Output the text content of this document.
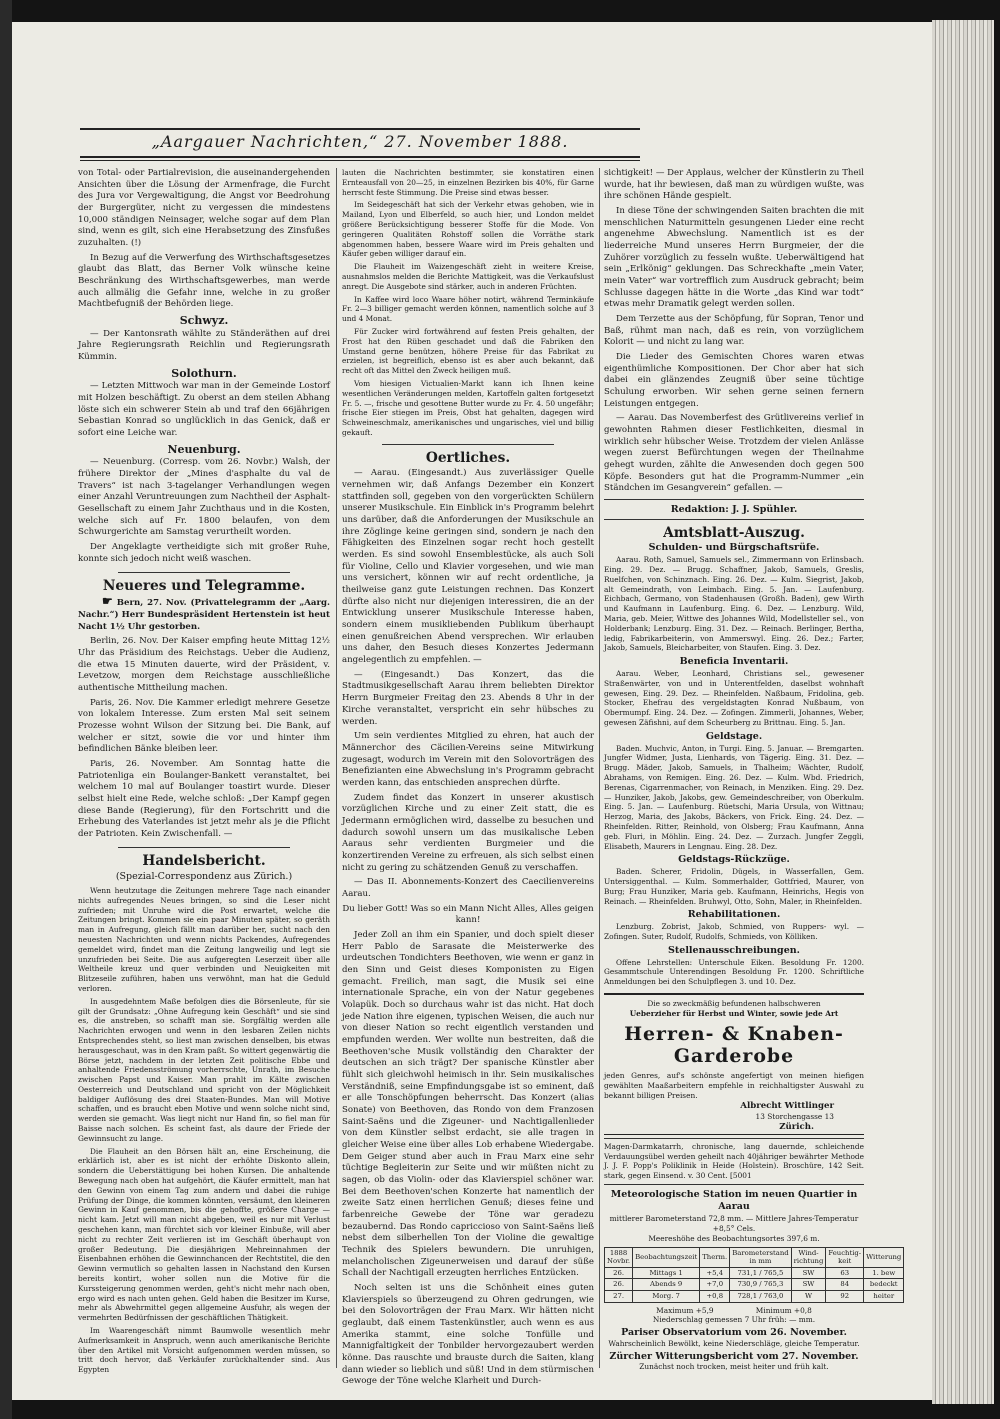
„Aargauer Nachrichten,“ 27. November 1888.

von Total- oder Partialrevision, die auseinandergehenden Ansichten über die Lösung der Armenfrage, die Furcht des Jura vor Vergewaltigung, die Angst vor Beedrohung der Burgergüter, nicht zu vergessen die mindestens 10,000 ständigen Neinsager, welche sogar auf dem Plan sind, wenn es gilt, sich eine Herabsetzung des Zinsfußes zuzuhalten. (!)

In Bezug auf die Verwerfung des Wirthschaftsgesetzes glaubt das Blatt, das Berner Volk wünsche keine Beschränkung des Wirthschaftsgewerbes, man werde auch allmälig die Gefahr inne, welche in zu großer Machtbefugniß der Behörden liege.

Schwyz.

— Der Kantonsrath wählte zu Ständeräthen auf drei Jahre Regierungsrath Reichlin und Regierungsrath Kümmin.

Solothurn.

— Letzten Mittwoch war man in der Gemeinde Lostorf mit Holzen beschäftigt. Zu oberst an dem steilen Abhang löste sich ein schwerer Stein ab und traf den 66jährigen Sebastian Konrad so unglücklich in das Genick, daß er sofort eine Leiche war.

Neuenburg.

— Neuenburg. (Corresp. vom 26. Novbr.) Walsh, der frühere Direktor der „Mines d'asphalte du val de Travers“ ist nach 3-tagelanger Verhandlungen wegen einer Anzahl Veruntreuungen zum Nachtheil der Asphalt-Gesellschaft zu einem Jahr Zuchthaus und in die Kosten, welche sich auf Fr. 1800 belaufen, von dem Schwurgerichte am Samstag verurtheilt worden.

Der Angeklagte vertheidigte sich mit großer Ruhe, konnte sich jedoch nicht weiß waschen.

Neueres und Telegramme.

☛ Bern, 27. Nov. (Privattelegramm der „Aarg. Nachr.“) Herr Bundespräsident Hertenstein ist heut Nacht 1½ Uhr gestorben.

Berlin, 26. Nov. Der Kaiser empfing heute Mittag 12½ Uhr das Präsidium des Reichstags. Ueber die Audienz, die etwa 15 Minuten dauerte, wird der Präsident, v. Levetzow, morgen dem Reichstage ausschließliche authentische Mittheilung machen.

Paris, 26. Nov. Die Kammer erledigt mehrere Gesetze von lokalem Interesse. Zum ersten Mal seit seinem Prozesse wohnt Wilson der Sitzung bei. Die Bank, auf welcher er sitzt, sowie die vor und hinter ihm befindlichen Bänke bleiben leer.

Paris, 26. November. Am Sonntag hatte die Patriotenliga ein Boulanger-Bankett veranstaltet, bei welchem 10 mal auf Boulanger toastirt wurde. Dieser selbst hielt eine Rede, welche schloß: „Der Kampf gegen diese Bande (Regierung), für den Fortschritt und die Erhebung des Vaterlandes ist jetzt mehr als je die Pflicht der Patrioten. Kein Zwischenfall. —

Handelsbericht.
(Spezial-Correspondenz aus Zürich.)

Wenn heutzutage die Zeitungen mehrere Tage nach einander nichts aufregendes Neues bringen, so sind die Leser nicht zufrieden; mit Unruhe wird die Post erwartet, welche die Zeitungen bringt. Kommen sie ein paar Minuten später, so geräth man in Aufregung, gleich fällt man darüber her, sucht nach den neuesten Nachrichten und wenn nichts Packendes, Aufregendes gemeldet wird, findet man die Zeitung langweilig und legt sie unzufrieden bei Seite. Die aus aufgeregten Leserzeit über alle Weltheile kreuz und quer verbinden und Neuigkeiten mit Blitzeseile zuführen, haben uns verwöhnt, man hat die Geduld verloren.

In ausgedehntem Maße befolgen dies die Börsenleute, für sie gilt der Grundsatz: „Ohne Aufregung kein Geschäft“ und sie sind es, die anstreben, so schafft man sie. Sorgfältig werden alle Nachrichten erwogen und wenn in den lesbaren Zeilen nichts Entsprechendes steht, so liest man zwischen denselben, bis etwas herausgeschaut, was in den Kram paßt. So wittert gegenwärtig die Börse jetzt, nachdem in der letzten Zeit politische Ebbe und anhaltende Friedensströmung vorherrschte, Unrath, im Besuche zwischen Papst und Kaiser. Man prahlt im Kälte zwischen Oesterreich und Deutschland und spricht von der Möglichkeit baldiger Auflösung des drei Staaten-Bundes. Man will Motive schaffen, und es braucht eben Motive und wenn solche nicht sind, werden sie gemacht. Was liegt nicht nur Hand fin, so fiel man für Baisse nach solchen. Es scheint fast, als daure der Friede der Gewinnsucht zu lange.

Die Flauheit an den Börsen hält an, eine Erscheinung, die erklärlich ist, aber es ist nicht der erhöhte Diskonto allein, sondern die Ueberstättigung bei hohen Kursen. Die anhaltende Bewegung nach oben hat aufgehört, die Käufer ermittelt, man hat den Gewinn von einem Tag zum andern und dabei die ruhige Prüfung der Dinge, die kommen könnten, versäumt, den kleineren Gewinn in Kauf genommen, bis die gehoffte, größere Charge — nicht kam. Jetzt will man nicht abgeben, weil es nur mit Verlust geschehen kann, man fürchtet sich vor kleiner Einbuße, will aber nicht zu rechter Zeit verlieren ist im Geschäft überhaupt von großer Bedeutung. Die diesjährigen Mehreinnahmen der Eisenbahnen erhöhen die Gewinnchancen der Rechtstitel, die den Gewinn vermutlich so gehalten lassen in Nachstand den Kursen bereits kontirt, woher sollen nun die Motive für die Kurssteigerung genommen werden, geht's nicht mehr nach oben, ergo wird es nach unten gehen. Geld haben die Besitzer im Kurse, mehr als Abwehrmittel gegen allgemeine Ausfuhr, als wegen der vermehrten Bedürfnissen der geschäftlichen Thätigkeit.

Im Waarengeschäft nimmt Baumwolle wesentlich mehr Aufmerksamkeit in Anspruch, wenn auch amerikanische Berichte über den Artikel mit Vorsicht aufgenommen werden müssen, so tritt doch hervor, daß Verkäufer zurückhaltender sind. Aus Egypten

lauten die Nachrichten bestimmter, sie konstatiren einen Ernteausfall von 20—25, in einzelnen Bezirken bis 40%, für Garne herrscht feste Stimmung. Die Preise sind etwas besser.

Im Seidegeschäft hat sich der Verkehr etwas gehoben, wie in Mailand, Lyon und Elberfeld, so auch hier, und London meldet größere Berücksichtigung besserer Stoffe für die Mode. Von geringeren Qualitäten Rohstoff sollen die Vorräthe stark abgenommen haben, bessere Waare wird im Preis gehalten und Käufer geben williger darauf ein.

Die Flauheit im Waizengeschäft zieht in weitere Kreise, ausnahmslos melden die Berichte Mattigkeit, was die Verkaufslust anregt. Die Ausgebote sind stärker, auch in anderen Früchten.

In Kaffee wird loco Waare höher notirt, während Terminkäufe Fr. 2—3 billiger gemacht werden können, namentlich solche auf 3 und 4 Monat.

Für Zucker wird fortwährend auf festen Preis gehalten, der Frost hat den Rüben geschadet und daß die Fabriken den Umstand gerne benützen, höhere Preise für das Fabrikat zu erzielen, ist begreiflich, ebenso ist es aber auch bekannt, daß recht oft das Mittel den Zweck heiligen muß.

Vom hiesigen Victualien-Markt kann ich Ihnen keine wesentlichen Veränderungen melden, Kartoffeln galten fortgesetzt Fr. 5. —, frische und gesottene Butter wurde zu Fr. 4. 50 ungefähr; frische Eier stiegen im Preis, Obst hat gehalten, dagegen wird Schweineschmalz, amerikanisches und ungarisches, viel und billig gekauft.

Oertliches.

— Aarau. (Eingesandt.) Aus zuverlässiger Quelle vernehmen wir, daß Anfangs Dezember ein Konzert stattfinden soll, gegeben von den vorgerückten Schülern unserer Musikschule. Ein Einblick in's Programm belehrt uns darüber, daß die Anforderungen der Musikschule an ihre Zöglinge keine geringen sind, sondern je nach den Fähigkeiten des Einzelnen sogar recht hoch gestellt werden. Es sind sowohl Ensemblestücke, als auch Soli für Violine, Cello und Klavier vorgesehen, und wie man uns versichert, können wir auf recht ordentliche, ja theilweise ganz gute Leistungen rechnen. Das Konzert dürfte also nicht nur diejenigen interessiren, die an der Entwicklung unserer Musikschule Interesse haben, sondern einem musikliebenden Publikum überhaupt einen genußreichen Abend versprechen. Wir erlauben uns daher, den Besuch dieses Konzertes Jedermann angelegentlich zu empfehlen. —

— (Eingesandt.) Das Konzert, das die Stadtmusikgesellschaft Aarau ihrem beliebten Direktor Herrn Burgmeier Freitag den 23. Abends 8 Uhr in der Kirche veranstaltet, verspricht ein sehr hübsches zu werden.

Um sein verdientes Mitglied zu ehren, hat auch der Männerchor des Cäcilien-Vereins seine Mitwirkung zugesagt, wodurch im Verein mit den Solovorträgen des Benefizianten eine Abwechslung in's Programm gebracht werden kann, das entschieden ansprechen dürfte.

Zudem findet das Konzert in unserer akustisch vorzüglichen Kirche und zu einer Zeit statt, die es Jedermann ermöglichen wird, dasselbe zu besuchen und dadurch sowohl unsern um das musikalische Leben Aaraus sehr verdienten Burgmeier und die konzertirenden Vereine zu erfreuen, als sich selbst einen nicht zu gering zu schätzenden Genuß zu verschaffen.

— Das II. Abonnements-Konzert des Caecilienvereins Aarau.

Du lieber Gott! Was so ein Mann Nicht Alles, Alles geigen kann!

Jeder Zoll an ihm ein Spanier, und doch spielt dieser Herr Pablo de Sarasate die Meisterwerke des urdeutschen Tondichters Beethoven, wie wenn er ganz in den Sinn und Geist dieses Komponisten zu Eigen gemacht. Freilich, man sagt, die Musik sei eine internationale Sprache, ein von der Natur gegebenes Volapük. Doch so durchaus wahr ist das nicht. Hat doch jede Nation ihre eigenen, typischen Weisen, die auch nur von dieser Nation so recht eigentlich verstanden und empfunden werden. Wer wollte nun bestreiten, daß die Beethoven'sche Musik vollständig den Charakter der deutschen an sich trägt? Der spanische Künstler aber fühlt sich gleichwohl heimisch in ihr. Sein musikalisches Verständniß, seine Empfindungsgabe ist so eminent, daß er alle Tonschöpfungen beherrscht. Das Konzert (alias Sonate) von Beethoven, das Rondo von dem Franzosen Saint-Saëns und die Zigeuner- und Nachtigallenlieder von dem Künstler selbst erdacht, sie alle tragen in gleicher Weise eine über alles Lob erhabene Wiedergabe. Dem Geiger stund aber auch in Frau Marx eine sehr tüchtige Begleiterin zur Seite und wir müßten nicht zu sagen, ob das Violin- oder das Klavierspiel schöner war. Bei dem Beethoven'schen Konzerte hat namentlich der zweite Satz einen herrlichen Genuß; dieses feine und farbenreiche Gewebe der Töne war geradezu bezaubernd. Das Rondo capriccioso von Saint-Saëns ließ nebst dem silberhellen Ton der Violine die gewaltige Technik des Spielers bewundern. Die unruhigen, melancholischen Zigeunerweisen und darauf der süße Schall der Nachtigall erzeugten herrliches Entzücken.

Noch selten ist uns die Schönheit eines guten Klavierspiels so überzeugend zu Ohren gedrungen, wie bei den Solovorträgen der Frau Marx. Wir hätten nicht geglaubt, daß einem Tastenkünstler, auch wenn es aus Amerika stammt, eine solche Tonfülle und Mannigfaltigkeit der Tonbilder hervorgezaubert werden könne. Das rauschte und brauste durch die Saiten, klang dann wieder so lieblich und süß! Und in dem stürmischen Gewoge der Töne welche Klarheit und Durch-

sichtigkeit! — Der Applaus, welcher der Künstlerin zu Theil wurde, hat ihr bewiesen, daß man zu würdigen wußte, was ihre schönen Hände gespielt.

In diese Töne der schwingenden Saiten brachten die mit menschlichen Naturmitteln gesungenen Lieder eine recht angenehme Abwechslung. Namentlich ist es der liederreiche Mund unseres Herrn Burgmeier, der die Zuhörer vorzüglich zu fesseln wußte. Ueberwältigend hat sein „Erlkönig“ geklungen. Das Schreckhafte „mein Vater, mein Vater“ war vortrefflich zum Ausdruck gebracht; beim Schlusse dagegen hätte in die Worte „das Kind war todt“ etwas mehr Dramatik gelegt werden sollen.

Dem Terzette aus der Schöpfung, für Sopran, Tenor und Baß, rühmt man nach, daß es rein, von vorzüglichem Kolorit — und nicht zu lang war.

Die Lieder des Gemischten Chores waren etwas eigenthümliche Kompositionen. Der Chor aber hat sich dabei ein glänzendes Zeugniß über seine tüchtige Schulung erworben. Wir sehen gerne seinen fernern Leistungen entgegen.

— Aarau. Das Novemberfest des Grütlivereins verlief in gewohnten Rahmen dieser Festlichkeiten, diesmal in wirklich sehr hübscher Weise. Trotzdem der vielen Anlässe wegen zuerst Befürchtungen wegen der Theilnahme gehegt wurden, zählte die Anwesenden doch gegen 500 Köpfe. Besonders gut hat die Programm-Nummer „ein Ständchen im Gesangverein“ gefallen. —

Redaktion: J. J. Spühler.
Amtsblatt-Auszug.
Schulden- und Bürgschaftsrüfe.

Aarau. Roth, Samuel, Samuels sel., Zimmermann von Erlinsbach. Eing. 29. Dez. — Brugg. Schaffner, Jakob, Samuels, Greslis, Ruelfchen, von Schinznach. Eing. 26. Dez. — Kulm. Siegrist, Jakob, alt Gemeindrath, von Leimbach. Eing. 5. Jan. — Laufenburg. Eichbach, Germano, von Stadenhausen (Großh. Baden), gew Wirth und Kaufmann in Laufenburg. Eing. 6. Dez. — Lenzburg. Wild, Maria, geb. Meier, Wittwe des Johannes Wild, Modellsteller sel., von Holderbank; Lenzburg. Eing. 31. Dez. — Reinach. Berlinger, Bertha, ledig, Fabrikarbeiterin, von Ammerswyl. Eing. 26. Dez.; Farter, Jakob, Samuels, Bleicharbeiter, von Staufen. Eing. 3. Dez.

Beneficia Inventarii.

Aarau. Weber, Leonhard, Christians sel., gewesener Straßenwärter, von und in Unterentfelden, daselbst wohnhaft gewesen, Eing. 29. Dez. — Rheinfelden. Naßbaum, Fridolina, geb. Stocker, Ehefrau des vergeldstagten Konrad Nußbaum, von Obermumpf. Eing. 24. Dez. — Zofingen. Zimmerli, Johannes, Weber, gewesen Zäfishni, auf dem Scheurberg zu Brittnau. Eing. 5. Jan.

Geldstage.

Baden. Muchvic, Anton, in Turgi. Eing. 5. Januar. — Bremgarten. Jungfer Widmer, Justa, Lienhards, von Tägerig. Eing. 31. Dez. — Brugg. Mäder, Jakob, Samuels, in Thalheim; Wächter, Rudolf, Abrahams, von Remigen. Eing. 26. Dez. — Kulm. Wbd. Friedrich, Berenas, Cigarrenmacher, von Reinach, in Menziken. Eing. 29. Dez. — Hunziker, Jakob, Jakobs, gew. Gemeindeschreiber, von Oberkulm. Eing. 5. Jan. — Laufenburg. Rüetschi, Maria Ursula, von Wittnau; Herzog, Maria, des Jakobs, Bäckers, von Frick. Eing. 24. Dez. — Rheinfelden. Ritter, Reinhold, von Olsberg; Frau Kaufmann, Anna geb. Fluri, in Möhlin. Eing. 24. Dez. — Zurzach. Jungfer Zeggli, Elisabeth, Maurers in Lengnau. Eing. 28. Dez.

Geldstags-Rückzüge.

Baden. Scherer, Fridolin, Dügels, in Wasserfallen, Gem. Untersiggenthal. — Kulm. Sommerhalder, Gottfried, Maurer, von Burg; Frau Hunziker, Maria geb. Kaufmann, Heinrichs, Hegis von Reinach. — Rheinfelden. Bruhwyl, Otto, Sohn, Maler, in Rheinfelden.

Rehabilitationen.

Lenzburg. Zobrist, Jakob, Schmied, von Ruppers- wyl. — Zofingen. Suter, Rudolf, Rudolfs, Schmieds, von Kölliken.

Stellenausschreibungen.

Offene Lehrstellen: Unterschule Eiken. Besoldung Fr. 1200. Gesammtschule Unterendingen Besoldung Fr. 1200. Schriftliche Anmeldungen bei den Schulpflegen 3. und 10. Dez.

Die so zweckmäßig befundenen halbschweren
Ueberzieher für Herbst und Winter, sowie jede Art
Herren- & Knaben-Garderobe
jeden Genres, auf's schönste angefertigt von meinen hiefigen gewählten Maaßarbeitern empfehle in reichhaltigster Auswahl zu bekannt billigen Preisen.
Albrecht Wittlinger
13 Storchengasse 13
Zürich.
Magen-Darmkatarrh, chronische, lang dauernde, schleichende Verdauungsübel werden geheilt nach 40jähriger bewährter Methode J. J. F. Popp's Poliklinik in Heide (Holstein). Broschüre, 142 Seit. stark, gegen Einsend. v. 30 Cent. [5001
Meteorologische Station im neuen Quartier in Aarau
mittlerer Barometerstand 72,8 mm. — Mittlere Jahres-Temperatur +8,5° Cels.
Meereshöhe des Beobachtungsortes 397,6 m.
1888 Novbr.	Beobachtungszeit	Therm.	Barometerstand in mm	Wind-richtung	Feuchtig-keit	Witterung
26.	Mittags 1	+5,4	731,1 / 765,5	SW	63	1. bew
26.	Abends 9	+7,0	730,9 / 765,3	SW	84	bedeckt
27.	Morg. 7	+0,8	728,1 / 763,0	W	92	heiter
Maximum +5,9                  Minimum +0,8
Niederschlag gemessen 7 Uhr früh: — mm.
Pariser Observatorium vom 26. November.
Wahrscheinlich Bewölkt, keine Niederschläge, gleiche Temperatur.
Zürcher Witterungsbericht vom 27. November.
Zunächst noch trocken, meist heiter und früh kalt.
